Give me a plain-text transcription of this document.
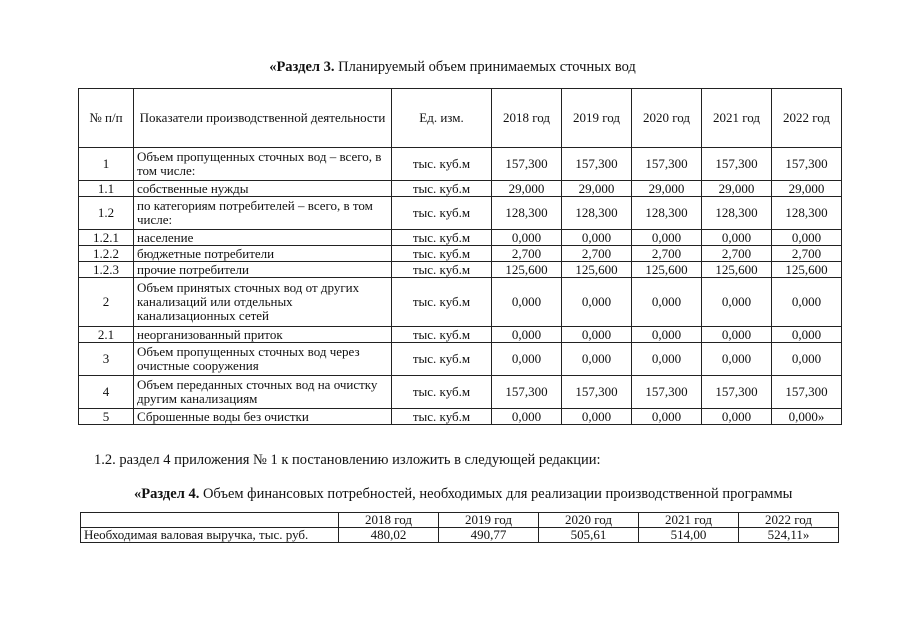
«Раздел 3. Планируемый объем принимаемых сточных вод
№ п/п	Показатели производственной деятельности	Ед. изм.	2018 год	2019 год	2020 год	2021 год	2022 год
1	Объем пропущенных сточных вод – всего, в том числе:	тыс. куб.м	157,300	157,300	157,300	157,300	157,300
1.1	собственные нужды	тыс. куб.м	29,000	29,000	29,000	29,000	29,000
1.2	по категориям потребителей – всего, в том числе:	тыс. куб.м	128,300	128,300	128,300	128,300	128,300
1.2.1	население	тыс. куб.м	0,000	0,000	0,000	0,000	0,000
1.2.2	бюджетные потребители	тыс. куб.м	2,700	2,700	2,700	2,700	2,700
1.2.3	прочие потребители	тыс. куб.м	125,600	125,600	125,600	125,600	125,600
2	Объем принятых сточных вод от других канализаций или отдельных канализационных сетей	тыс. куб.м	0,000	0,000	0,000	0,000	0,000
2.1	неорганизованный приток	тыс. куб.м	0,000	0,000	0,000	0,000	0,000
3	Объем пропущенных сточных вод через очистные сооружения	тыс. куб.м	0,000	0,000	0,000	0,000	0,000
4	Объем переданных сточных вод на очистку другим канализациям	тыс. куб.м	157,300	157,300	157,300	157,300	157,300
5	Сброшенные воды без очистки	тыс. куб.м	0,000	0,000	0,000	0,000	0,000»
1.2. раздел 4 приложения № 1 к постановлению изложить в следующей редакции:
«Раздел 4. Объем финансовых потребностей, необходимых для реализации производственной программы
	2018 год	2019 год	2020 год	2021 год	2022 год
Необходимая валовая выручка, тыс. руб.	480,02	490,77	505,61	514,00	524,11»
